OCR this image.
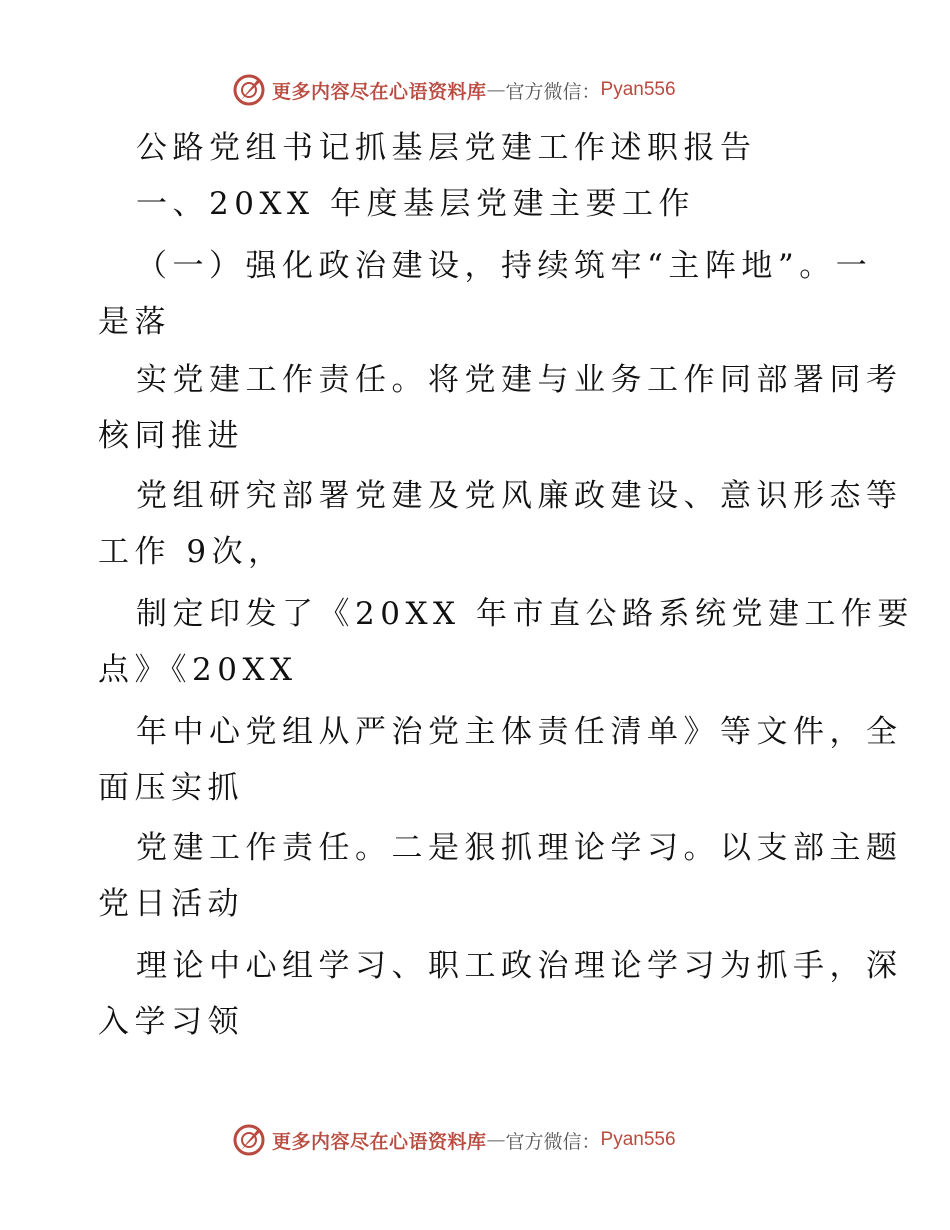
更多内容尽在心语资料库 — 官方微信： Pyan556
公路党组书记抓基层党建工作述职报告
一、20XX 年度基层党建主要工作
（一）强化政治建设，持续筑牢“主阵地”。一
是落
实党建工作责任。将党建与业务工作同部署同考
核同推进
党组研究部署党建及党风廉政建设、意识形态等
工作 9次，
制定印发了《20XX 年市直公路系统党建工作要
点》《20XX
年中心党组从严治党主体责任清单》等文件，全
面压实抓
党建工作责任。二是狠抓理论学习。以支部主题
党日活动
理论中心组学习、职工政治理论学习为抓手，深
入学习领
更多内容尽在心语资料库 — 官方微信： Pyan556
